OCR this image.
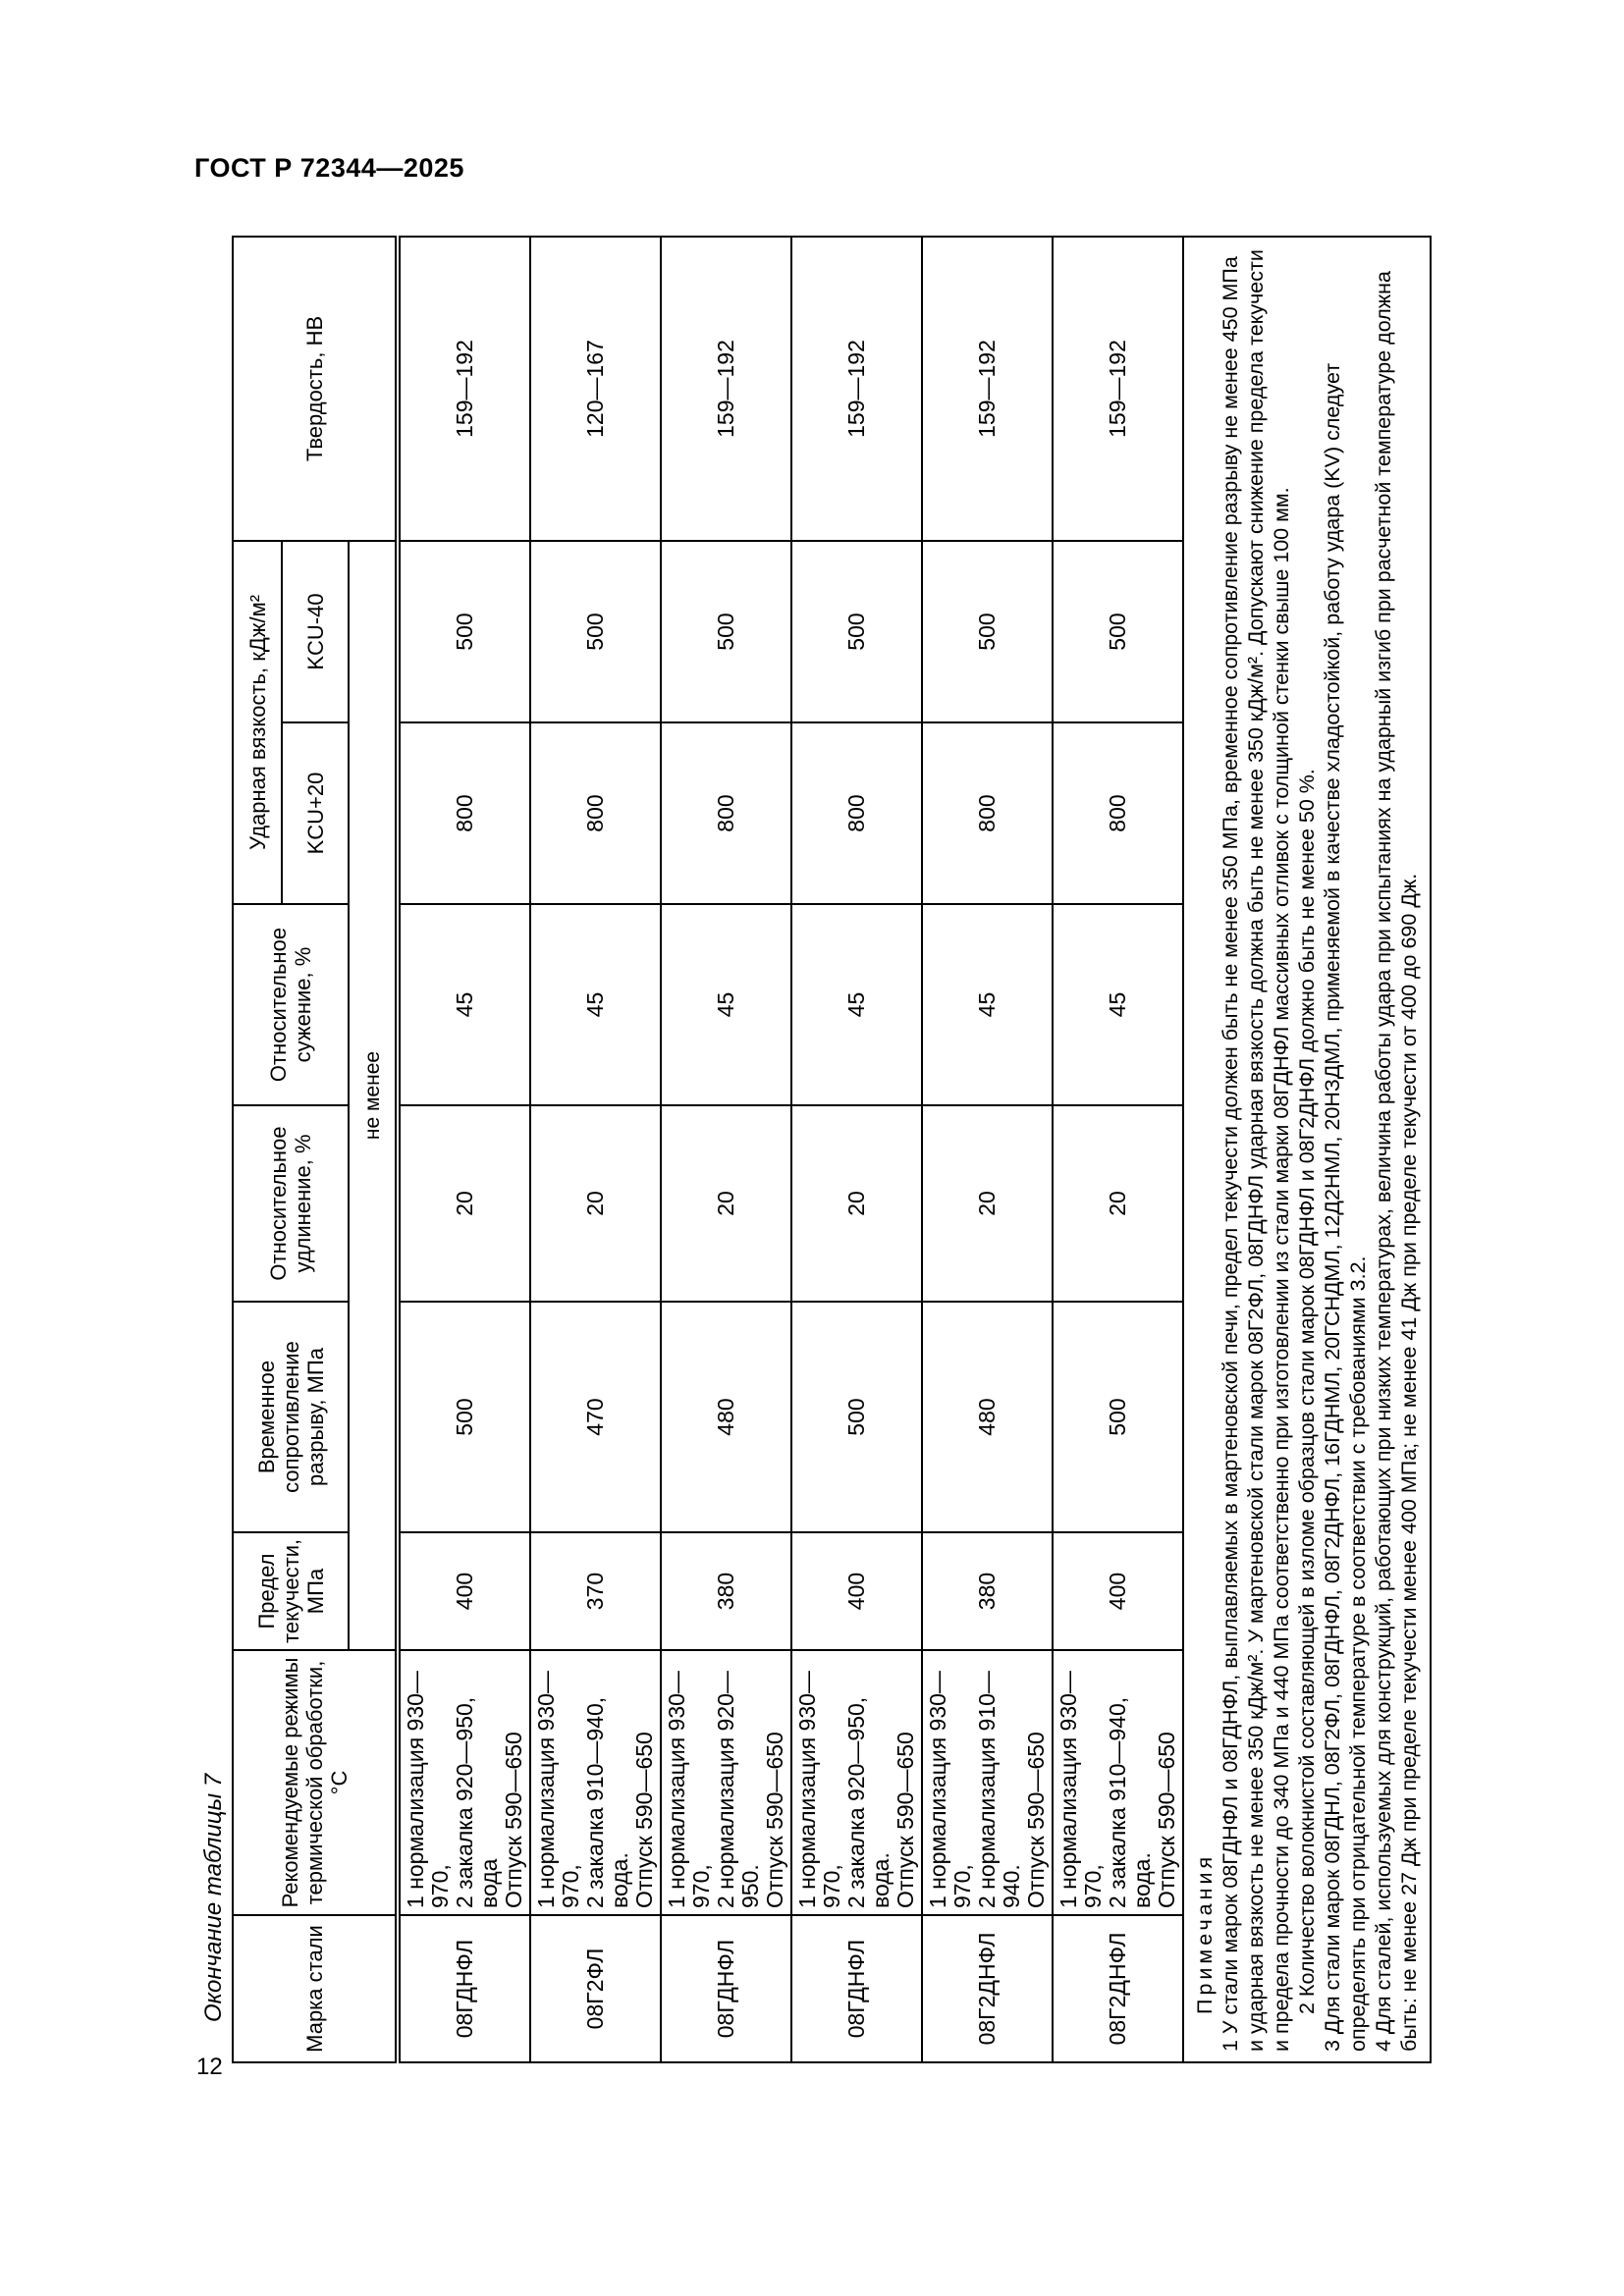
ГОСТ Р 72344—2025
Окончание таблицы 7
12
Марка стали	Рекомендуемые режимы термической обработки, °С	Предел текучести, МПа	Временное сопротивление разрыву, МПа	Относительное удлинение, %	Относительное сужение, %	Ударная вязкость, кДж/м²		Твердость, НВ
						KCU+20	KCU-40	
		не менее						
08ГДНФЛ	1 нормализация 930—970,
2 закалка 920—950, вода
Отпуск 590—650	400	500	20	45	800	500	159—192
08Г2ФЛ	1 нормализация 930—970,
2 закалка 910—940, вода.
Отпуск 590—650	370	470	20	45	800	500	120—167
08ГДНФЛ	1 нормализация 930—970,
2 нормализация 920—950.
Отпуск 590—650	380	480	20	45	800	500	159—192
08ГДНФЛ	1 нормализация 930—970,
2 закалка 920—950, вода.
Отпуск 590—650	400	500	20	45	800	500	159—192
08Г2ДНФЛ	1 нормализация 930—970,
2 нормализация 910—940.
Отпуск 590—650	380	480	20	45	800	500	159—192
08Г2ДНФЛ	1 нормализация 930—970,
2 закалка 910—940, вода.
Отпуск 590—650	400	500	20	45	800	500	159—192

Примечания 1 У стали марок 08ГДНФЛ и 08ГДНФЛ, выплавляемых в мартеновской печи, предел текучести должен быть не менее 350 МПа, временное сопротивление разрыву не менее 450 МПа и ударная вязкость не менее 350 кДж/м². У мартеновской стали марок 08Г2ФЛ, 08ГДНФЛ ударная вязкость должна быть не менее 350 кДж/м². Допускают снижение предела текучести и предела прочности до 340 МПа и 440 МПа соответственно при изготовлении из стали марки 08ГДНФЛ массивных отливок с толщиной стенки свыше 100 мм. 2 Количество волокнистой составляющей в изломе образцов стали марок 08ГДНФЛ и 08Г2ДНФЛ должно быть не менее 50 %. 3 Для стали марок 08ГДНЛ, 08Г2ФЛ, 08ГДНФЛ, 08Г2ДНФЛ, 16ГДНМЛ, 20ГСНДМЛ, 12Д2НМЛ, 20НЗДМЛ, применяемой в качестве хладостойкой, работу удара (KV) следует определять при отрицательной температуре в соответствии с требованиями 3.2. 4 Для сталей, используемых для конструкций, работающих при низких температурах, величина работы удара при испытаниях на ударный изгиб при расчетной температуре должна быть: не менее 27 Дж при пределе текучести менее 400 МПа; не менее 41 Дж при пределе текучести от 400 до 690 Дж.								
